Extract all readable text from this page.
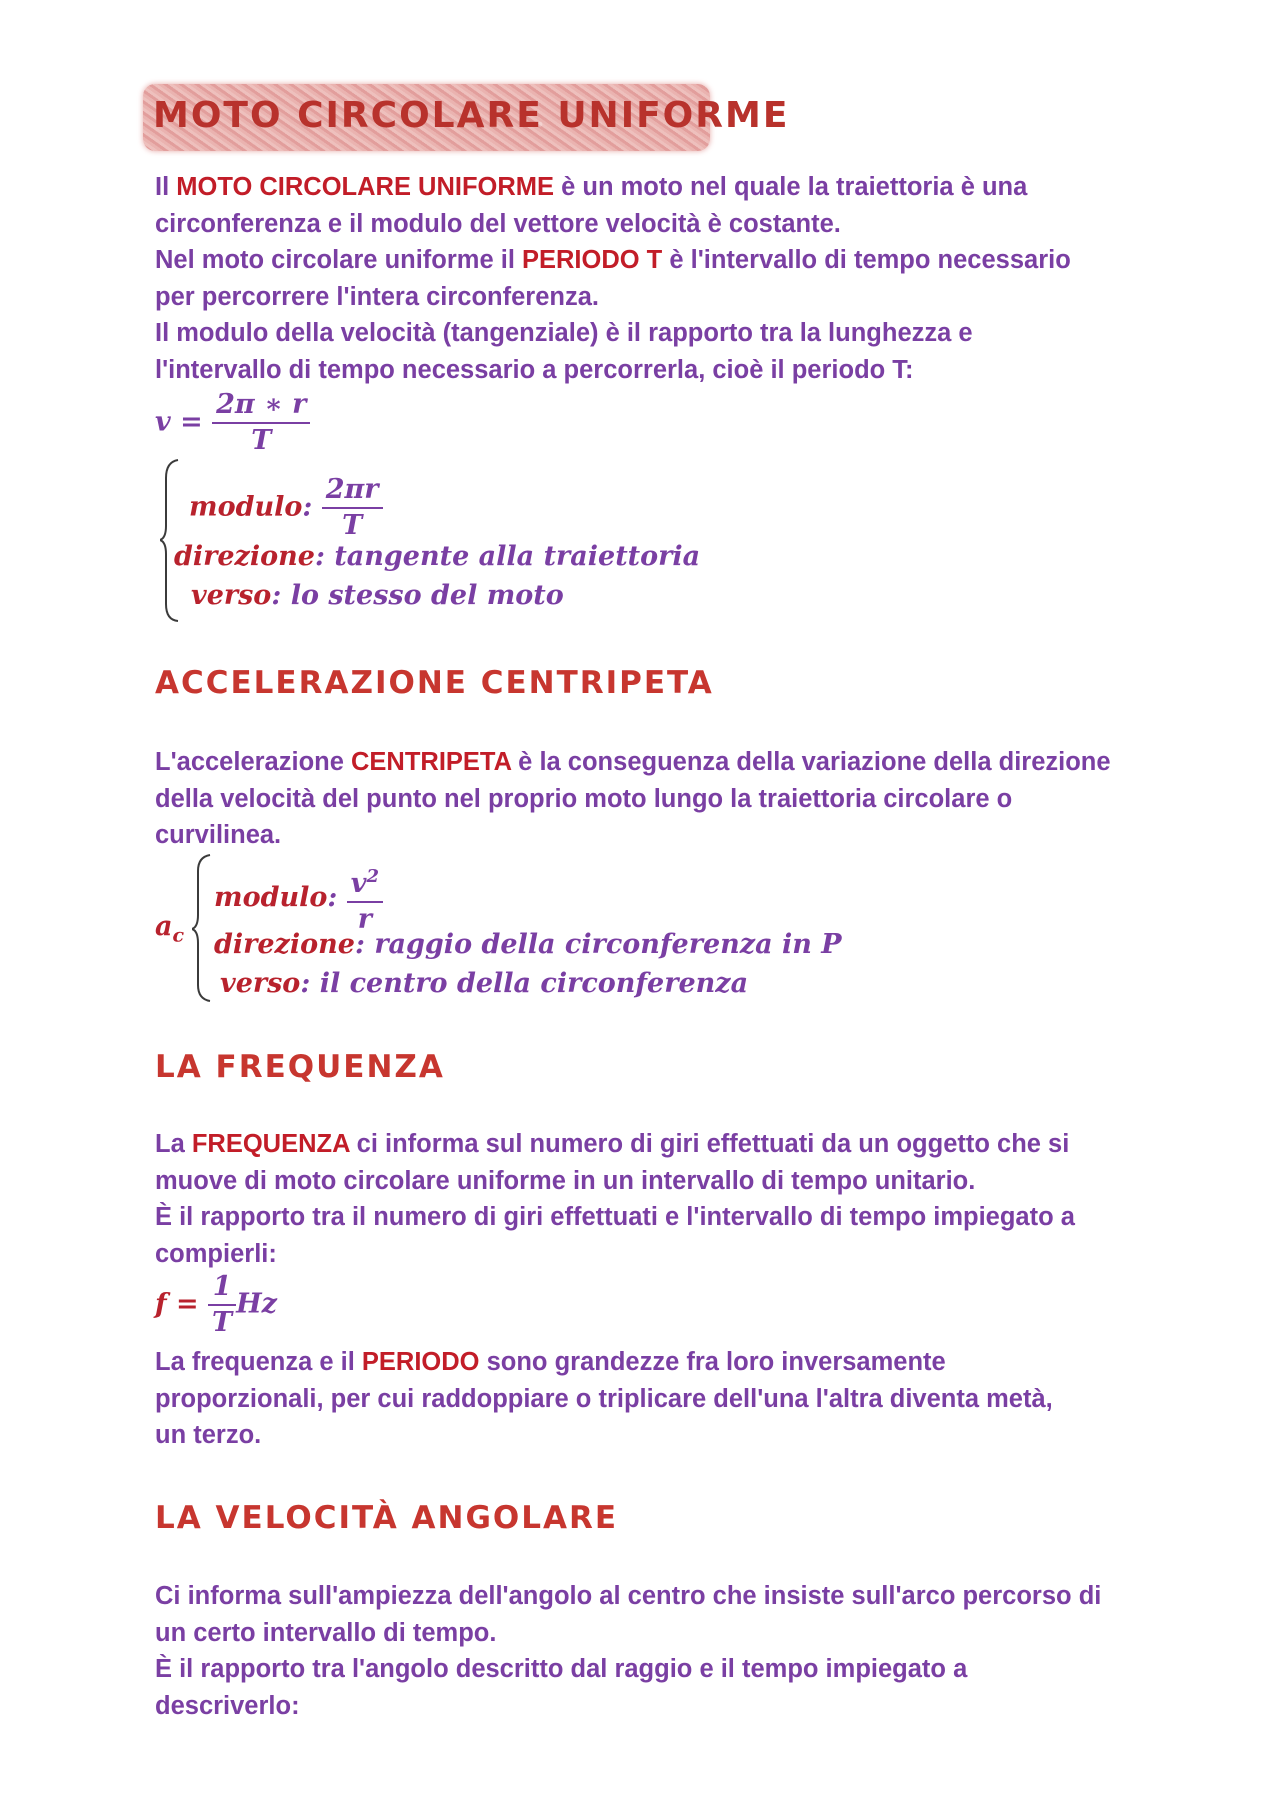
MOTO CIRCOLARE UNIFORME

Il MOTO CIRCOLARE UNIFORME è un moto nel quale la traiettoria è una

circonferenza e il modulo del vettore velocità è costante.

Nel moto circolare uniforme il PERIODO T è l'intervallo di tempo necessario

per percorrere l'intera circonferenza.

Il modulo della velocità (tangenziale) è il rapporto tra la lunghezza e

l'intervallo di tempo necessario a percorrerla, cioè il periodo T:

$v = \frac{2\pi ∗ r}{T}$
modulo: $\frac{2\pi r}{T}$
direzione: tangente alla traiettoria
verso: lo stesso del moto
ACCELERAZIONE CENTRIPETA

L'accelerazione CENTRIPETA è la conseguenza della variazione della direzione

della velocità del punto nel proprio moto lungo la traiettoria circolare o

curvilinea.

$a_c$
modulo: $\frac{v^2}{r}$
direzione: raggio della circonferenza in P
verso: il centro della circonferenza
LA FREQUENZA

La FREQUENZA ci informa sul numero di giri effettuati da un oggetto che si

muove di moto circolare uniforme in un intervallo di tempo unitario.

È il rapporto tra il numero di giri effettuati e l'intervallo di tempo impiegato a

compierli:

$f = \frac{1}{T}$ Hz

La frequenza e il PERIODO sono grandezze fra loro inversamente

proporzionali, per cui raddoppiare o triplicare dell'una l'altra diventa metà,

un terzo.

LA VELOCITÀ ANGOLARE

Ci informa sull'ampiezza dell'angolo al centro che insiste sull'arco percorso di

un certo intervallo di tempo.

È il rapporto tra l'angolo descritto dal raggio e il tempo impiegato a

descriverlo:
